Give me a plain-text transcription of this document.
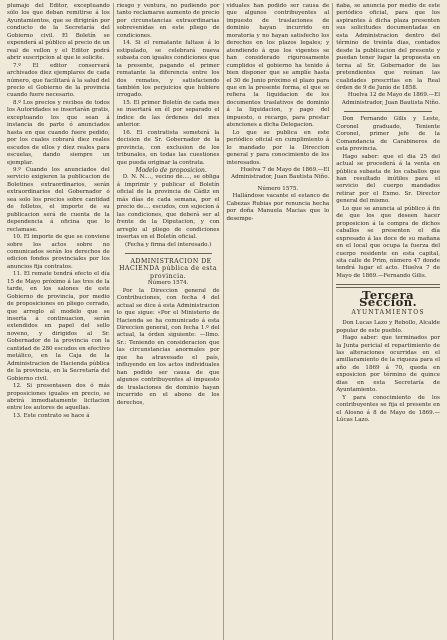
plumaje del Editor, exceptuando sólo los que deban remitirse á los Ayuntamientos, que se dirigirán por conducto de la Secretaría del Gobierno civil. El Boletín se expenderá al público al precio de un real de vellon y el Editor podrá abrir suscripcion al que le solicite.

7.º El editor conservará archivados diez ejemplares de cada número, que facilitará á la salud del precio el Gobierno de la provincia cuando fuere necesario.

8.º Los precios y recibos de todos los Autoridades se insertarán gratis, exceptuando los que sean á instancia de parte ó anunciados hasta en que cuando fuere pedido, por los cuales cobrará diez reales escudos de ellos y diez reales para escuelas, dando siempre un ejemplar.

9.º Cuando los anunciados del servicio exigieren la publicacion de Boletines extraordinarios, serán extraordinarios del Gobernador ó sea solo los precios sobre cantidad de folletos, el importe de su publicacion será de cuenta de la dependencia á oficina que lo reclamase.

10. El importe de que se conviene sobre los actos sobre no comunicados serán los derechos de edicion fondos provinciales por los anuncios fija contratos.

11. El remate tendrá efecto el día 15 de Mayo próximo á las tres de la tarde, en los salones de este Gobierno de provincia, por medio de proposiciones en pliego cerrado, que arreglo al modelo que se inserta á continuacion, serán extendidos en papel del sello noveno, y dirigidos al Sr. Gobernador de la provincia con la cantidad de 280 escudos en efectivo metálico, en la Caja de la Administracion de Hacienda pública de la provincia, en la Secretaría del Gobierno civil.

12. Si presentasen dos ó más proposiciones iguales en precio, se abrirá inmediatamente licitacion entre los autores de aquellas.

13. Este contrato se hace á

riesgo y ventura, no pudiendo por tanto reclamarse aumento de precio por circunstancias extraordinarias sobrevenidas en este pliego de condiciones.

14. Si el rematante faltase á lo estipulado, se celebrará nueva subasta con iguales condiciones que la presente, pagando el primer rematante la diferencia entre los dos remates, y satisfaciendo también los perjuicios que hubiere irrogado.

15. El primer Boletín de cada mes se insertará en él por separado el índice de las órdenes del mes anterior.

16. El contratista someterá la decision de Sr. Gobernador de la provincia, con exclusion de los tribunales, en todas las cuestiones que pueda originar la contrata.

Modelo de proposicion.

D. N. N...., vecino de...., se obliga á imprimir y publicar el Boletín oficial de la provincia de Cádiz en más días de cada semana, por el precio de.... escudos, con sujecion á las condiciones, que deberá ser al frente de la Diputacion, y con arreglo al pliego de condiciones insertas en el Boletín oficial.

(Fecha y firma del interesado.)

ADMINISTRACION DE HACIENDA pública de esta provincia.

Número 1574.

Por la Direccion general de Contribuciones, con fecha 4 del actual se dice á esta Administracion lo que sigue: «Por el Ministerio de Hacienda se ha comunicado á esta Direccion general, con fecha 1.º del actual, la órden siguiente: —Ilmo. Sr.: Teniendo en consideracion que las circunstancias anormales por que ha atravesado el país, influyendo en los actos individuales han podido ser causa de que algunos contribuyentes al impuesto de traslaciones de dominio hayan incurrido en el abono de los derechos,

viduales han podido ser causa de que algunos contribuyentes al impuesto de traslaciones de dominio hayan incurrido en moratoria y no hayan satisfecho los derechos en los plazos legales; y atendiendo á que los vigentes se han considerado rigurosamente cumplidos el gobierno ha tenido á bien disponer que se amplíe hasta el 30 de Junio próximo el plazo para que en la presente forma, el que se refiera la liquidacion de los documentos traslativos de dominio á la liquidacion, y pago del impuesto, o recargo, para prestar atenciones a dicha Delegacion.

Lo que se publica en este periódico oficial en cumplimiento á lo mandado por la Direccion general y para conocimiento de los interesados.

Huelva 7 de Mayo de 1869.—El Administrador, Juan Bautista Niño.

Número 1575.

Hallándose vacante el estanco de Cabezas Rubias por renuncia hecha por doña Manuela Macias que lo desempe-

ñaba, se anuncia por medio de este periódico oficial, para que los aspirantes á dicha plaza presenten sus solicitudes documentadas en esta Administracion dentro del término de treinta dias, contados desde la publicacion del presente y puedan tener lugar la propuesta en terna al Sr. Gobernador de las pretendientes que reúnan las cualidades prescritas en la Real órden de 9 de Junio de 1858.

Huelva 12 de Mayo de 1869.—El Administrador, Juan Bautista Niño.

Don Fernando Gilis y Leste, Coronel graduado, Teniente Coronel, primer jefe de la Comandancia de Carabineros de esta provincia.

Hago saber: que el dia 25 del actual se procederá á la venta en pública subasta de los caballos que han resultado inútiles para el servicio del cuerpo mandados retirar por el Exmo. Sr. Director general del mismo.

Lo que se anuncia al público á fin de que los que deseen hacer proposicion á la compra de dichos caballos se presenten el día expresado á las doce de su mañana en el local que ocupa la fuerza del cuerpo residente en esta capital, sita calle de Prim, número 47 donde tendrá lugar el acto. Huelva 7 de Mayo de 1869.—Fernando Gilis.

Tercera Seccion.
AYUNTAMIENTOS

Don Lucas Lazo y Rebollo, Alcalde popular de este pueblo.

Hago saber: que terminados por la Junta pericial el repartimiento de las alteraciones ocurridas en el amillaramiento de la riqueza para el año de 1869 á 70, queda en exposicion por término de quince dias en esta Secretaría de Ayuntamiento.

Y para conocimiento de los contribuyentes se fija el presente en el Alosno á 8 de Mayo de 1869.—Lúcas Lazo.
